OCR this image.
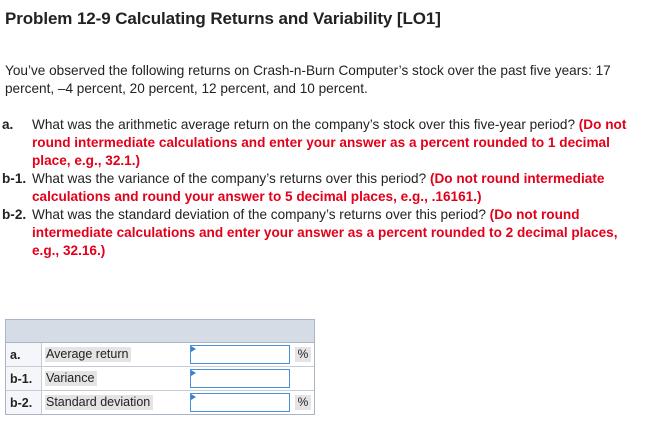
Problem 12-9 Calculating Returns and Variability [LO1]
You’ve observed the following returns on Crash-n-Burn Computer’s stock over the past five years: 17 percent, –4 percent, 20 percent, 12 percent, and 10 percent.
a.	What was the arithmetic average return on the company’s stock over this five-year period? (Do not round intermediate calculations and enter your answer as a percent rounded to 1 decimal place, e.g., 32.1.)
b-1. What was the variance of the company’s returns over this period? (Do not round intermediate calculations and round your answer to 5 decimal places, e.g., .16161.)
b-2. What was the standard deviation of the company’s returns over this period? (Do not round intermediate calculations and enter your answer as a percent rounded to 2 decimal places, e.g., 32.16.)
a.	Average return	%
b-1.	Variance
b-2.	Standard deviation	%
